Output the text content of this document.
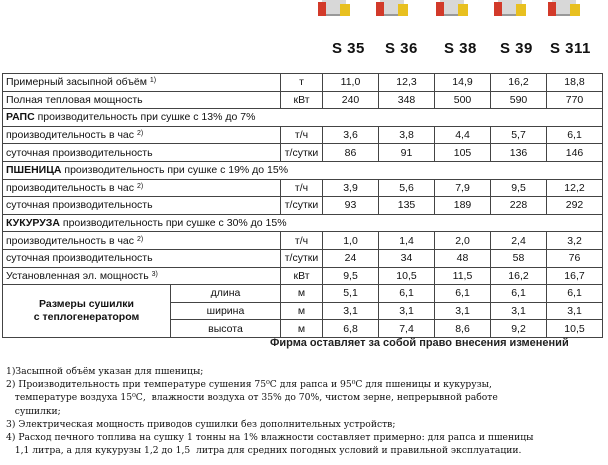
S 35 S 36 S 38 S 39 S 311
Примерный засыпной объём $^{1)}$		т	11,0	12,3	14,9	16,2	18,8
Полная тепловая мощность		кВт	240	348	500	590	770
РАПС производительность при сушке с 13% до 7%							
производительность в час $^{2)}$		т/ч	3,6	3,8	4,4	5,7	6,1
суточная производительность		т/сутки	86	91	105	136	146
ПШЕНИЦА производительность при сушке с 19% до 15%							
производительность в час $^{2)}$		т/ч	3,9	5,6	7,9	9,5	12,2
суточная производительность		т/сутки	93	135	189	228	292
КУКУРУЗА производительность при сушке с 30% до 15%							
производительность в час $^{2)}$		т/ч	1,0	1,4	2,0	2,4	3,2
суточная производительность		т/сутки	24	34	48	58	76
Установленная эл. мощность $^{3)}$		кВт	9,5	10,5	11,5	16,2	16,7

Размеры сушилки
с теплогенератором	длина	м	5,1	6,1	6,1	6,1	6,1
	ширина	м	3,1	3,1	3,1	3,1	3,1
	высота	м	6,8	7,4	8,6	9,2	10,5
Фирма оставляет за собой право внесения изменений
1)Засыпной объём указан для пшеницы;
2) Производительность при температуре сушения 75⁰С для рапса и 95⁰С для пшеницы и кукурузы,
температуре воздуха 15⁰С,  влажности воздуха от 35% до 70%, чистом зерне, непрерывной работе
сушилки;
3) Электрическая мощность приводов сушилки без дополнительных устройств;
4) Расход печного топлива на сушку 1 тонны на 1% влажности составляет примерно: для рапса и пшеницы
1,1 литра, а для кукурузы 1,2 до 1,5  литра для средних погодных условий и правильной эксплуатации.
